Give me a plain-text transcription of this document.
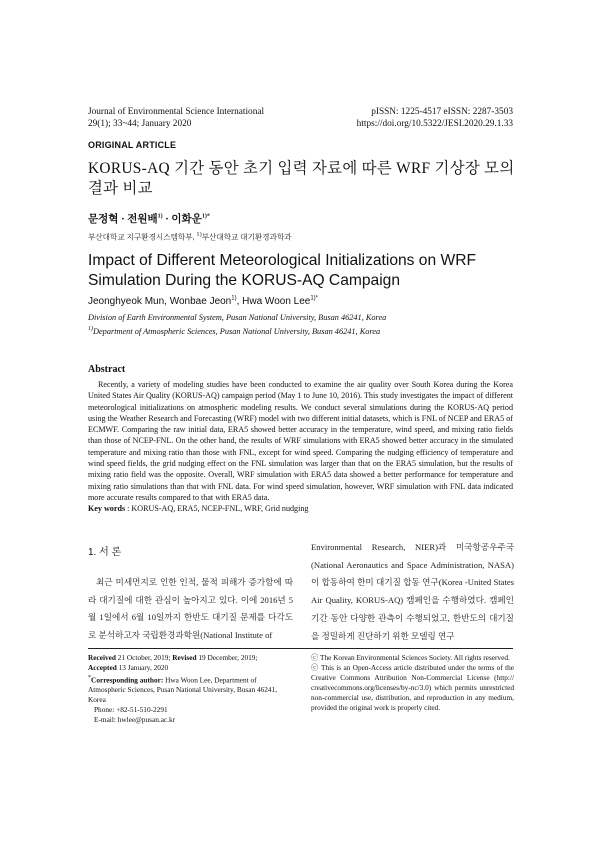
Journal of Environmental Science International
29(1); 33~44; January 2020
pISSN: 1225-4517 eISSN: 2287-3503
https://doi.org/10.5322/JESI.2020.29.1.33
ORIGINAL ARTICLE
KORUS-AQ 기간 동안 초기 입력 자료에 따른 WRF 기상장 모의 결과 비교
문정혁 · 전원배$^{1)}$ · 이화운$^{1)*}$
부산대학교 지구환경시스템학부, $^{1)}$부산대학교 대기환경과학과
Impact of Different Meteorological Initializations on WRF Simulation During the KORUS-AQ Campaign
Jeonghyeok Mun, Wonbae Jeon$^{1)}$, Hwa Woon Lee$^{1)*}$
Division of Earth Environmental System, Pusan National University, Busan 46241, Korea
$^{1)}$Department of Atmospheric Sciences, Pusan National University, Busan 46241, Korea
Abstract
Recently, a variety of modeling studies have been conducted to examine the air quality over South Korea during the Korea United States Air Quality (KORUS-AQ) campaign period (May 1 to June 10, 2016). This study investigates the impact of different meteorological initializations on atmospheric modeling results. We conduct several simulations during the KORUS-AQ period using the Weather Research and Forecasting (WRF) model with two different initial datasets, which is FNL of NCEP and ERA5 of ECMWF. Comparing the raw initial data, ERA5 showed better accuracy in the temperature, wind speed, and mixing ratio fields than those of NCEP-FNL. On the other hand, the results of WRF simulations with ERA5 showed better accuracy in the simulated temperature and mixing ratio than those with FNL, except for wind speed. Comparing the nudging efficiency of temperature and wind speed fields, the grid nudging effect on the FNL simulation was larger than that on the ERA5 simulation, but the results of mixing ratio field was the opposite. Overall, WRF simulation with ERA5 data showed a better performance for temperature and mixing ratio simulations than that with FNL data. For wind speed simulation, however, WRF simulation with FNL data indicated more accurate results compared to that with ERA5 data.
Key words : KORUS-AQ, ERA5, NCEP-FNL, WRF, Grid nudging
1. 서 론
최근 미세먼지로 인한 인적, 물적 피해가 증가함에 따라 대기질에 대한 관심이 높아지고 있다. 이에 2016년 5월 1일에서 6월 10일까지 한반도 대기질 문제를 다각도로 분석하고자 국립환경과학원(National Institute of
Environmental Research, NIER)과 미국항공우주국(National Aeronautics and Space Administration, NASA)이 합동하여 한미 대기질 합동 연구(Korea -United States Air Quality, KORUS-AQ) 캠페인을 수행하였다. 캠페인 기간 동안 다양한 관측이 수행되었고, 한반도의 대기질을 정밀하게 진단하기 위한 모델링 연구
Received 21 October, 2019; Revised 19 December, 2019;
Accepted 13 January, 2020
*Corresponding author: Hwa Woon Lee, Department of Atmospheric Sciences, Pusan National University, Busan 46241, Korea
Phone: +82-51-510-2291
E-mail: hwlee@pusan.ac.kr
ⓒ The Korean Environmental Sciences Society. All rights reserved.
ⓒ This is an Open-Access article distributed under the terms of the Creative Commons Attribution Non-Commercial License (http:// creativecommons.org/licenses/by-nc/3.0) which permits unrestricted non-commercial use, distribution, and reproduction in any medium, provided the original work is properly cited.
